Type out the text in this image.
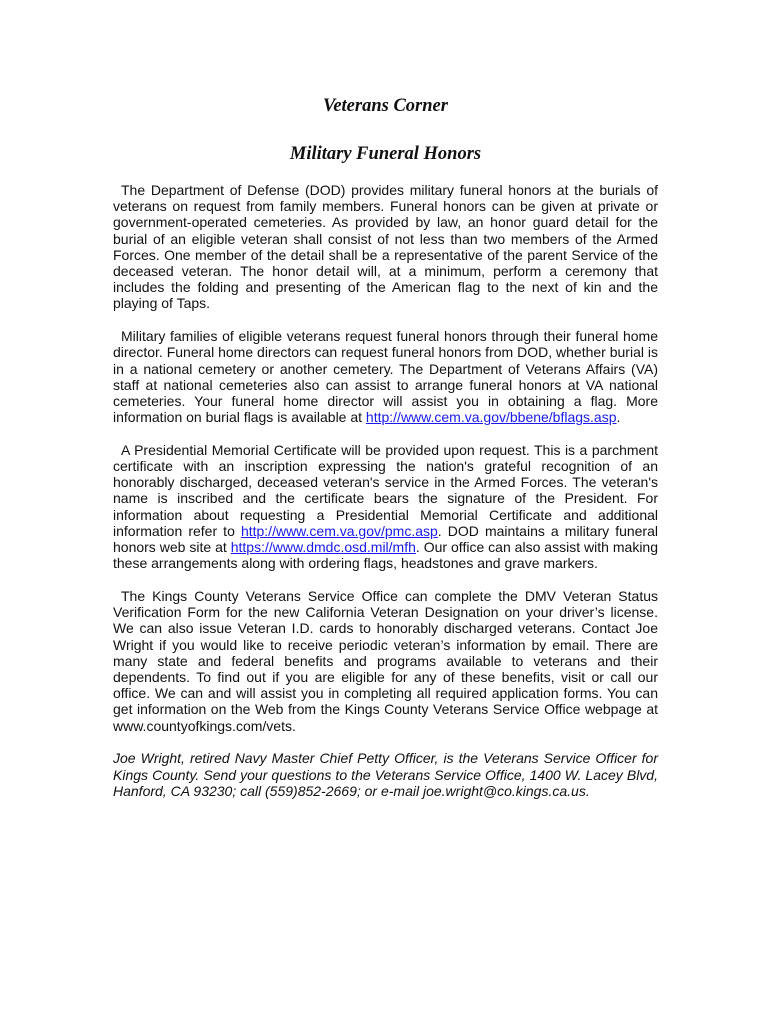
Veterans Corner
Military Funeral Honors

The Department of Defense (DOD) provides military funeral honors at the burials of veterans on request from family members. Funeral honors can be given at private or government-operated cemeteries. As provided by law, an honor guard detail for the burial of an eligible veteran shall consist of not less than two members of the Armed Forces. One member of the detail shall be a representative of the parent Service of the deceased veteran. The honor detail will, at a minimum, perform a ceremony that includes the folding and presenting of the American flag to the next of kin and the playing of Taps.

Military families of eligible veterans request funeral honors through their funeral home director. Funeral home directors can request funeral honors from DOD, whether burial is in a national cemetery or another cemetery. The Department of Veterans Affairs (VA) staff at national cemeteries also can assist to arrange funeral honors at VA national cemeteries. Your funeral home director will assist you in obtaining a flag. More information on burial flags is available at http://www.cem.va.gov/bbene/bflags.asp.

A Presidential Memorial Certificate will be provided upon request. This is a parchment certificate with an inscription expressing the nation's grateful recognition of an honorably discharged, deceased veteran's service in the Armed Forces. The veteran's name is inscribed and the certificate bears the signature of the President. For information about requesting a Presidential Memorial Certificate and additional information refer to http://www.cem.va.gov/pmc.asp. DOD maintains a military funeral honors web site at https://www.dmdc.osd.mil/mfh. Our office can also assist with making these arrangements along with ordering flags, headstones and grave markers.

The Kings County Veterans Service Office can complete the DMV Veteran Status Verification Form for the new California Veteran Designation on your driver’s license. We can also issue Veteran I.D. cards to honorably discharged veterans. Contact Joe Wright if you would like to receive periodic veteran’s information by email. There are many state and federal benefits and programs available to veterans and their dependents. To find out if you are eligible for any of these benefits, visit or call our office. We can and will assist you in completing all required application forms. You can get information on the Web from the Kings County Veterans Service Office webpage at www.countyofkings.com/vets.

Joe Wright, retired Navy Master Chief Petty Officer, is the Veterans Service Officer for Kings County. Send your questions to the Veterans Service Office, 1400 W. Lacey Blvd, Hanford, CA 93230; call (559)852-2669; or e-mail joe.wright@co.kings.ca.us.
